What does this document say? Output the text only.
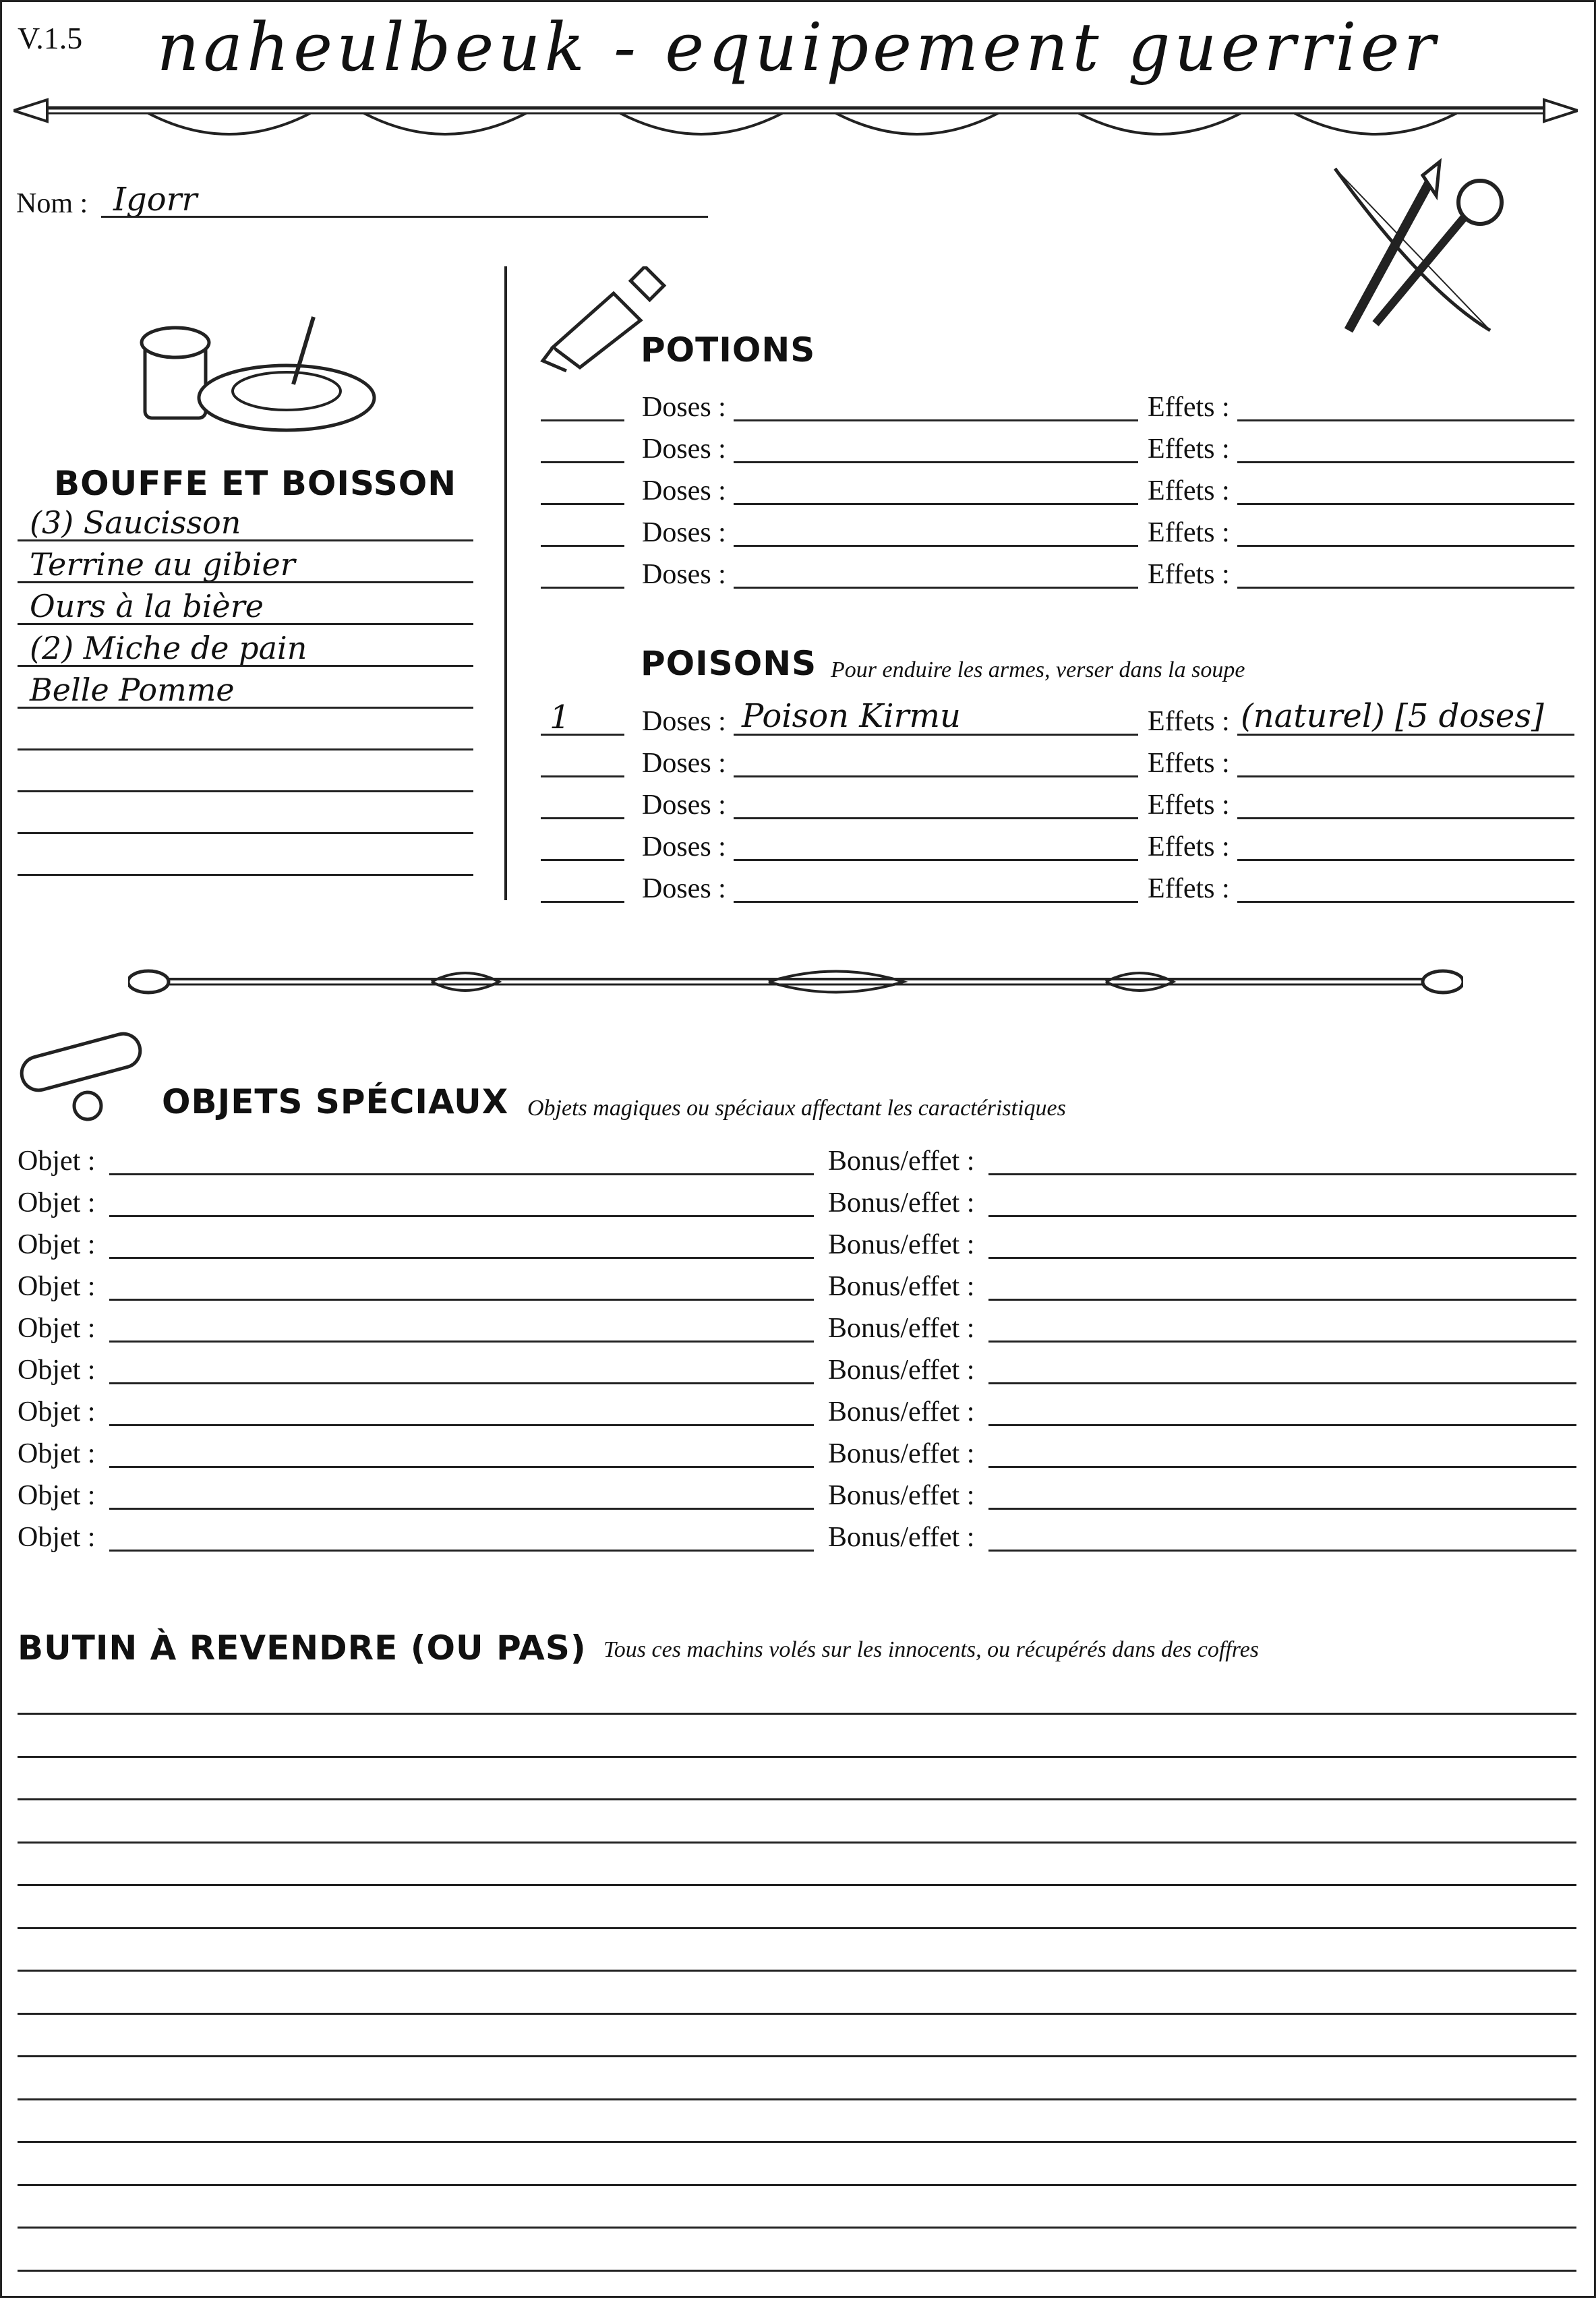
V.1.5	naheulbeuk - equipement guerrier
Nom : Igorr
BOUFFE ET BOISSON
(3) Saucisson
Terrine au gibier
Ours à la bière
(2) Miche de pain
Belle Pomme
POTIONS
Doses :	Effets :
Doses :	Effets :
Doses :	Effets :
Doses :	Effets :
Doses :	Effets :
POISONS Pour enduire les armes, verser dans la soupe
1	Doses : Poison Kirmu	Effets : (naturel) [5 doses]
Doses :	Effets :
Doses :	Effets :
Doses :	Effets :
Doses :	Effets :
OBJETS SPÉCIAUX Objets magiques ou spéciaux affectant les caractéristiques
Objet :	Bonus/effet :
Objet :	Bonus/effet :
Objet :	Bonus/effet :
Objet :	Bonus/effet :
Objet :	Bonus/effet :
Objet :	Bonus/effet :
Objet :	Bonus/effet :
Objet :	Bonus/effet :
Objet :	Bonus/effet :
Objet :	Bonus/effet :
BUTIN À REVENDRE (OU PAS) Tous ces machins volés sur les innocents, ou récupérés dans des coffres
